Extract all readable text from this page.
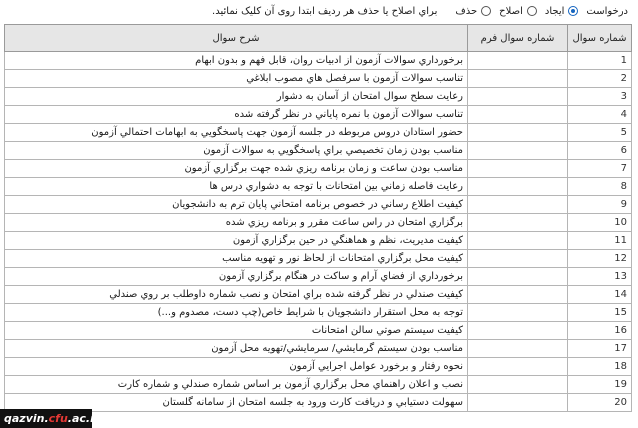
درخواست
ایجاد
اصلاح
حذف
براي اصلاح يا حذف هر رديف ابتدا روی آن کليک نمائيد.
شماره سوال	شماره سوال فرم	شرح سوال
1		برخورداري سوالات آزمون از ادبيات روان، قابل فهم و بدون ابهام
2		تناسب سوالات آزمون با سرفصل هاي مصوب ابلاغي
3		رعايت سطح سوال امتحان از آسان به دشوار
4		تناسب سوالات آزمون با نمره پاياني در نظر گرفته شده
5		حضور استادان دروس مربوطه در جلسه آزمون جهت پاسخگويي به ابهامات احتمالي آزمون
6		مناسب بودن زمان تخصيصي براي پاسخگويي به سوالات آزمون
7		مناسب بودن ساعت و زمان برنامه ريزي شده جهت برگزاري آزمون
8		رعايت فاصله زماني بين امتحانات با توجه به دشواري درس ها
9		كيفيت اطلاع رساني در خصوص برنامه امتحاني پايان ترم به دانشجويان
10		برگزاري امتحان در راس ساعت مقرر و برنامه ريزي شده
11		كيفيت مديريت، نظم و هماهنگي در حين برگزاري آزمون
12		كيفيت محل برگزاري امتحانات از لحاظ نور و تهويه مناسب
13		برخورداري از فضاي آرام و ساكت در هنگام برگزاري آزمون
14		كيفيت صندلي در نظر گرفته شده براي امتحان و نصب شماره داوطلب بر روي صندلي
15		توجه به محل استقرار دانشجويان با شرايط خاص(چپ دست، مصدوم و...)
16		كيفيت سيستم صوتي سالن امتحانات
17		مناسب بودن سيستم گرمايشي/ سرمايشي/تهويه محل آزمون
18		نحوه رفتار و برخورد عوامل اجرايي آزمون
19		نصب و اعلان راهنماي محل برگزاري آزمون بر اساس شماره صندلي و شماره كارت
20		سهولت دستيابي و دريافت كارت ورود به جلسه امتحان از سامانه گلستان
qazvin.cfu.ac.ir
